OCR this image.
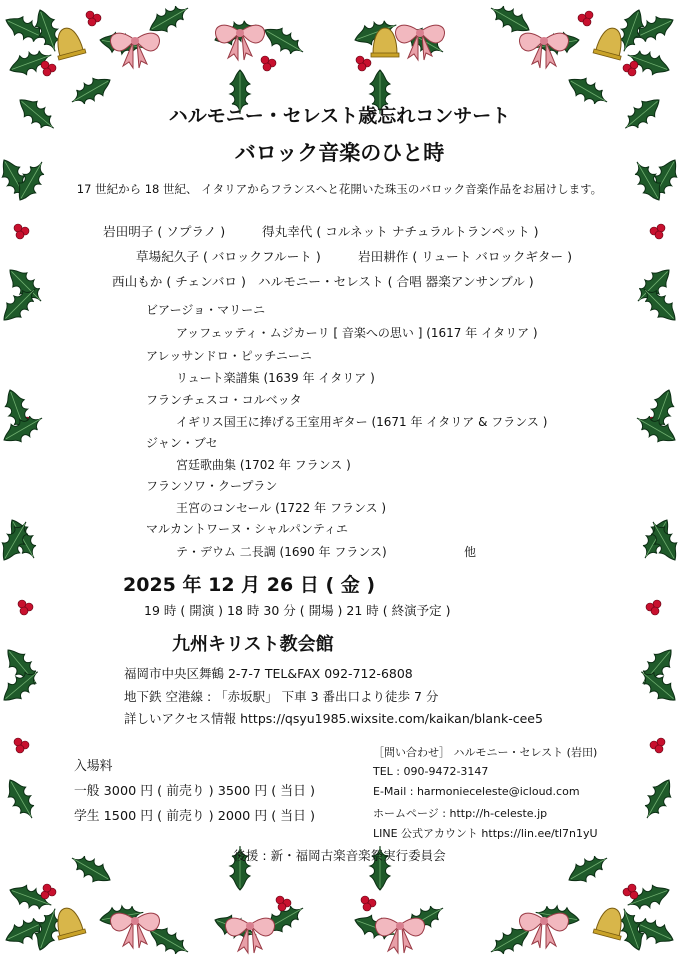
ハルモニー・セレスト歳忘れコンサート
バロック音楽のひと時
17 世紀から 18 世紀、 イタリアからフランスへと花開いた珠玉のバロック音楽作品をお届けします。
岩田明子 ( ソプラノ )	得丸幸代 ( コルネット ナチュラルトランペット )
草場紀久子 ( バロックフルート )	岩田耕作 ( リュート バロックギター )
西山もか ( チェンバロ ) ハルモニー・セレスト ( 合唱 器楽アンサンブル )
ビアージョ・マリーニ
アッフェッティ・ムジカーリ [ 音楽への思い ] (1617 年 イタリア )
アレッサンドロ・ピッチニーニ
リュート楽譜集 (1639 年 イタリア )
フランチェスコ・コルベッタ
イギリス国王に捧げる王室用ギター (1671 年 イタリア & フランス )
ジャン・ブセ
宮廷歌曲集 (1702 年 フランス )
フランソワ・クープラン
王宮のコンセール (1722 年 フランス )
マルカントワーヌ・シャルパンティエ
テ・デウム 二長調 (1690 年 フランス)	他
2025 年 12 月 26 日 ( 金 )
19 時 ( 開演 ) 18 時 30 分 ( 開場 ) 21 時 ( 終演予定 )
九州キリスト教会館
福岡市中央区舞鶴 2-7-7 TEL&FAX 092-712-6808
地下鉄 空港線 : 「赤坂駅」 下車 3 番出口より徒歩 7 分
詳しいアクセス情報 https://qsyu1985.wixsite.com/kaikan/blank-cee5
入場料
一般 3000 円 ( 前売り ) 3500 円 ( 当日 )
学生 1500 円 ( 前売り ) 2000 円 ( 当日 )
［問い合わせ］ ハルモニー・セレスト (岩田)
TEL : 090-9472-3147
E-Mail : harmonieceleste@icloud.com
ホームページ : http://h-celeste.jp
LINE 公式アカウント https://lin.ee/tl7n1yU
後援 : 新・福岡古楽音楽祭実行委員会
